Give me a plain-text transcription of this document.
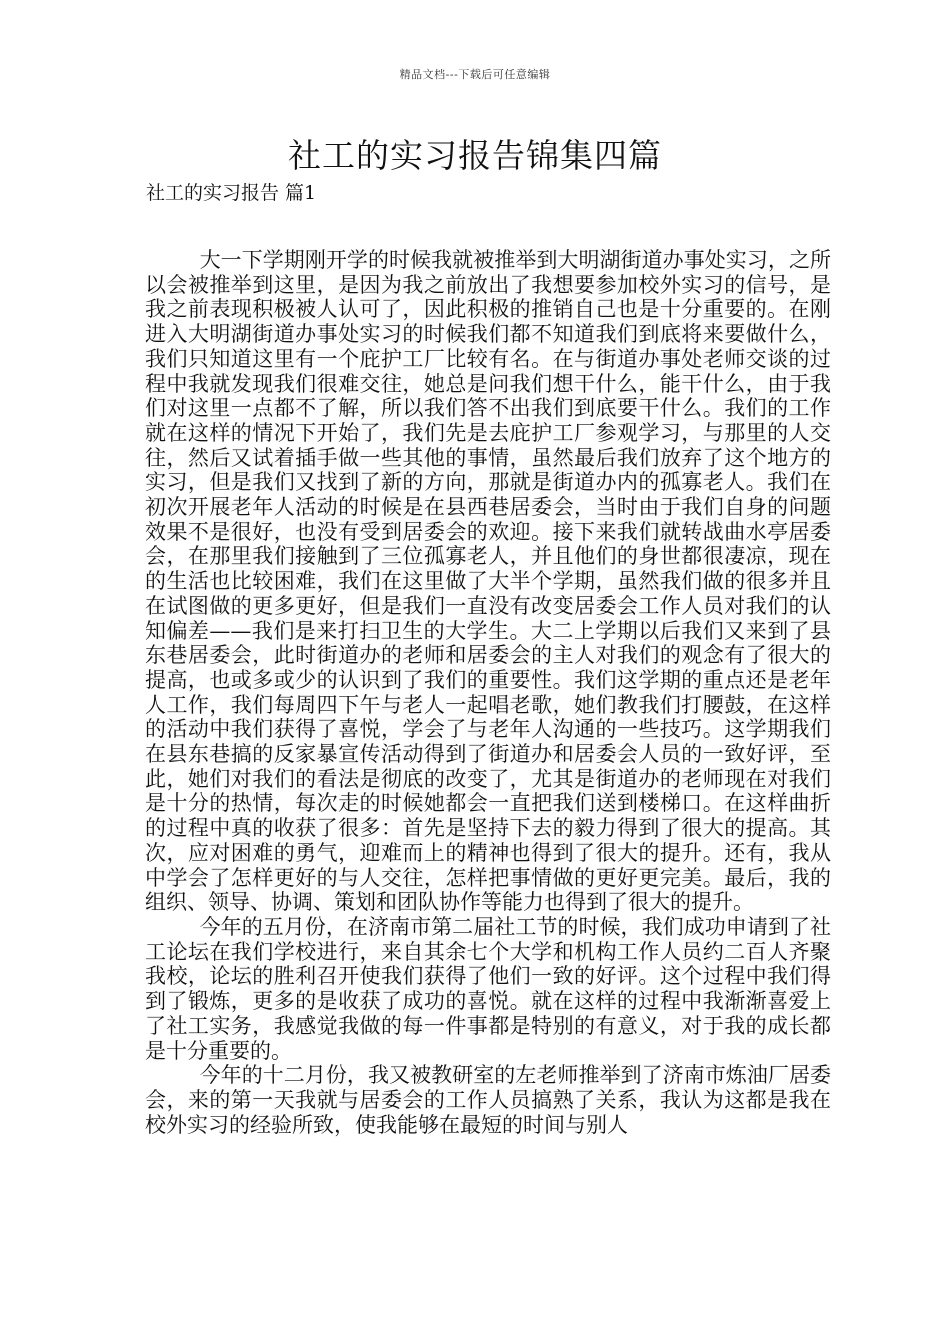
精品文档---下载后可任意编辑
社工的实习报告锦集四篇

社工的实习报告 篇1

大一下学期刚开学的时候我就被推举到大明湖街道办事处实习，之所以会被推举到这里，是因为我之前放出了我想要参加校外实习的信号，是我之前表现积极被人认可了，因此积极的推销自己也是十分重要的。在刚进入大明湖街道办事处实习的时候我们都不知道我们到底将来要做什么，我们只知道这里有一个庇护工厂比较有名。在与街道办事处老师交谈的过程中我就发现我们很难交往，她总是问我们想干什么，能干什么，由于我们对这里一点都不了解，所以我们答不出我们到底要干什么。我们的工作就在这样的情况下开始了，我们先是去庇护工厂参观学习，与那里的人交往，然后又试着插手做一些其他的事情，虽然最后我们放弃了这个地方的实习，但是我们又找到了新的方向，那就是街道办内的孤寡老人。我们在初次开展老年人活动的时候是在县西巷居委会，当时由于我们自身的问题效果不是很好，也没有受到居委会的欢迎。接下来我们就转战曲水亭居委会，在那里我们接触到了三位孤寡老人，并且他们的身世都很凄凉，现在的生活也比较困难，我们在这里做了大半个学期，虽然我们做的很多并且在试图做的更多更好，但是我们一直没有改变居委会工作人员对我们的认知偏差——我们是来打扫卫生的大学生。大二上学期以后我们又来到了县东巷居委会，此时街道办的老师和居委会的主人对我们的观念有了很大的提高，也或多或少的认识到了我们的重要性。我们这学期的重点还是老年人工作，我们每周四下午与老人一起唱老歌，她们教我们打腰鼓，在这样的活动中我们获得了喜悦，学会了与老年人沟通的一些技巧。这学期我们在县东巷搞的反家暴宣传活动得到了街道办和居委会人员的一致好评，至此，她们对我们的看法是彻底的改变了，尤其是街道办的老师现在对我们是十分的热情，每次走的时候她都会一直把我们送到楼梯口。在这样曲折的过程中真的收获了很多：首先是坚持下去的毅力得到了很大的提高。其次，应对困难的勇气，迎难而上的精神也得到了很大的提升。还有，我从中学会了怎样更好的与人交往，怎样把事情做的更好更完美。最后，我的组织、领导、协调、策划和团队协作等能力也得到了很大的提升。

今年的五月份，在济南市第二届社工节的时候，我们成功申请到了社工论坛在我们学校进行，来自其余七个大学和机构工作人员约二百人齐聚我校，论坛的胜利召开使我们获得了他们一致的好评。这个过程中我们得到了锻炼，更多的是收获了成功的喜悦。就在这样的过程中我渐渐喜爱上了社工实务，我感觉我做的每一件事都是特别的有意义，对于我的成长都是十分重要的。

今年的十二月份，我又被教研室的左老师推举到了济南市炼油厂居委会，来的第一天我就与居委会的工作人员搞熟了关系，我认为这都是我在校外实习的经验所致，使我能够在最短的时间与别人
